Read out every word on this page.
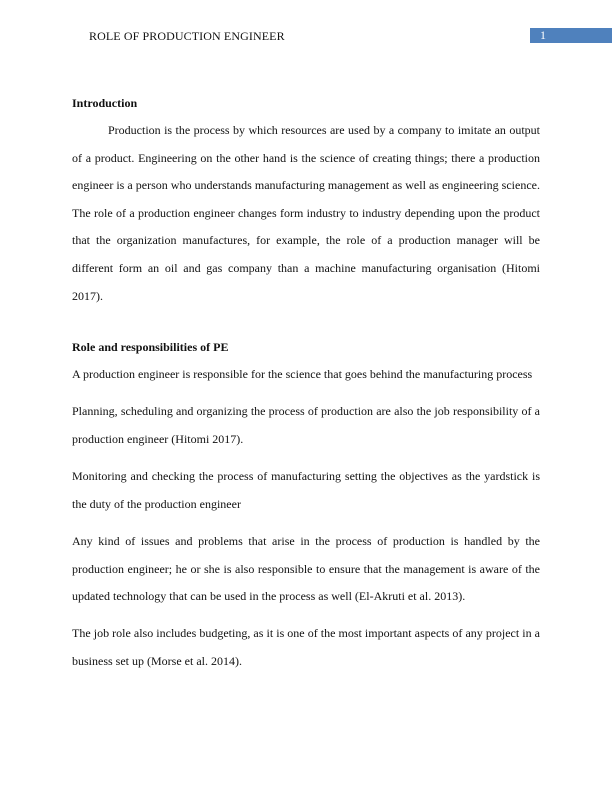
ROLE OF PRODUCTION ENGINEER	1
Introduction

Production is the process by which resources are used by a company to imitate an output of a product. Engineering on the other hand is the science of creating things; there a production engineer is a person who understands manufacturing management as well as engineering science. The role of a production engineer changes form industry to industry depending upon the product that the organization manufactures, for example, the role of a production manager will be different form an oil and gas company than a machine manufacturing organisation (Hitomi 2017).

Role and responsibilities of PE

A production engineer is responsible for the science that goes behind the manufacturing process

Planning, scheduling and organizing the process of production are also the job responsibility of a production engineer (Hitomi 2017).

Monitoring and checking the process of manufacturing setting the objectives as the yardstick is the duty of the production engineer

Any kind of issues and problems that arise in the process of production is handled by the production engineer; he or she is also responsible to ensure that the management is aware of the updated technology that can be used in the process as well (El-Akruti et al. 2013).

The job role also includes budgeting, as it is one of the most important aspects of any project in a business set up (Morse et al. 2014).
